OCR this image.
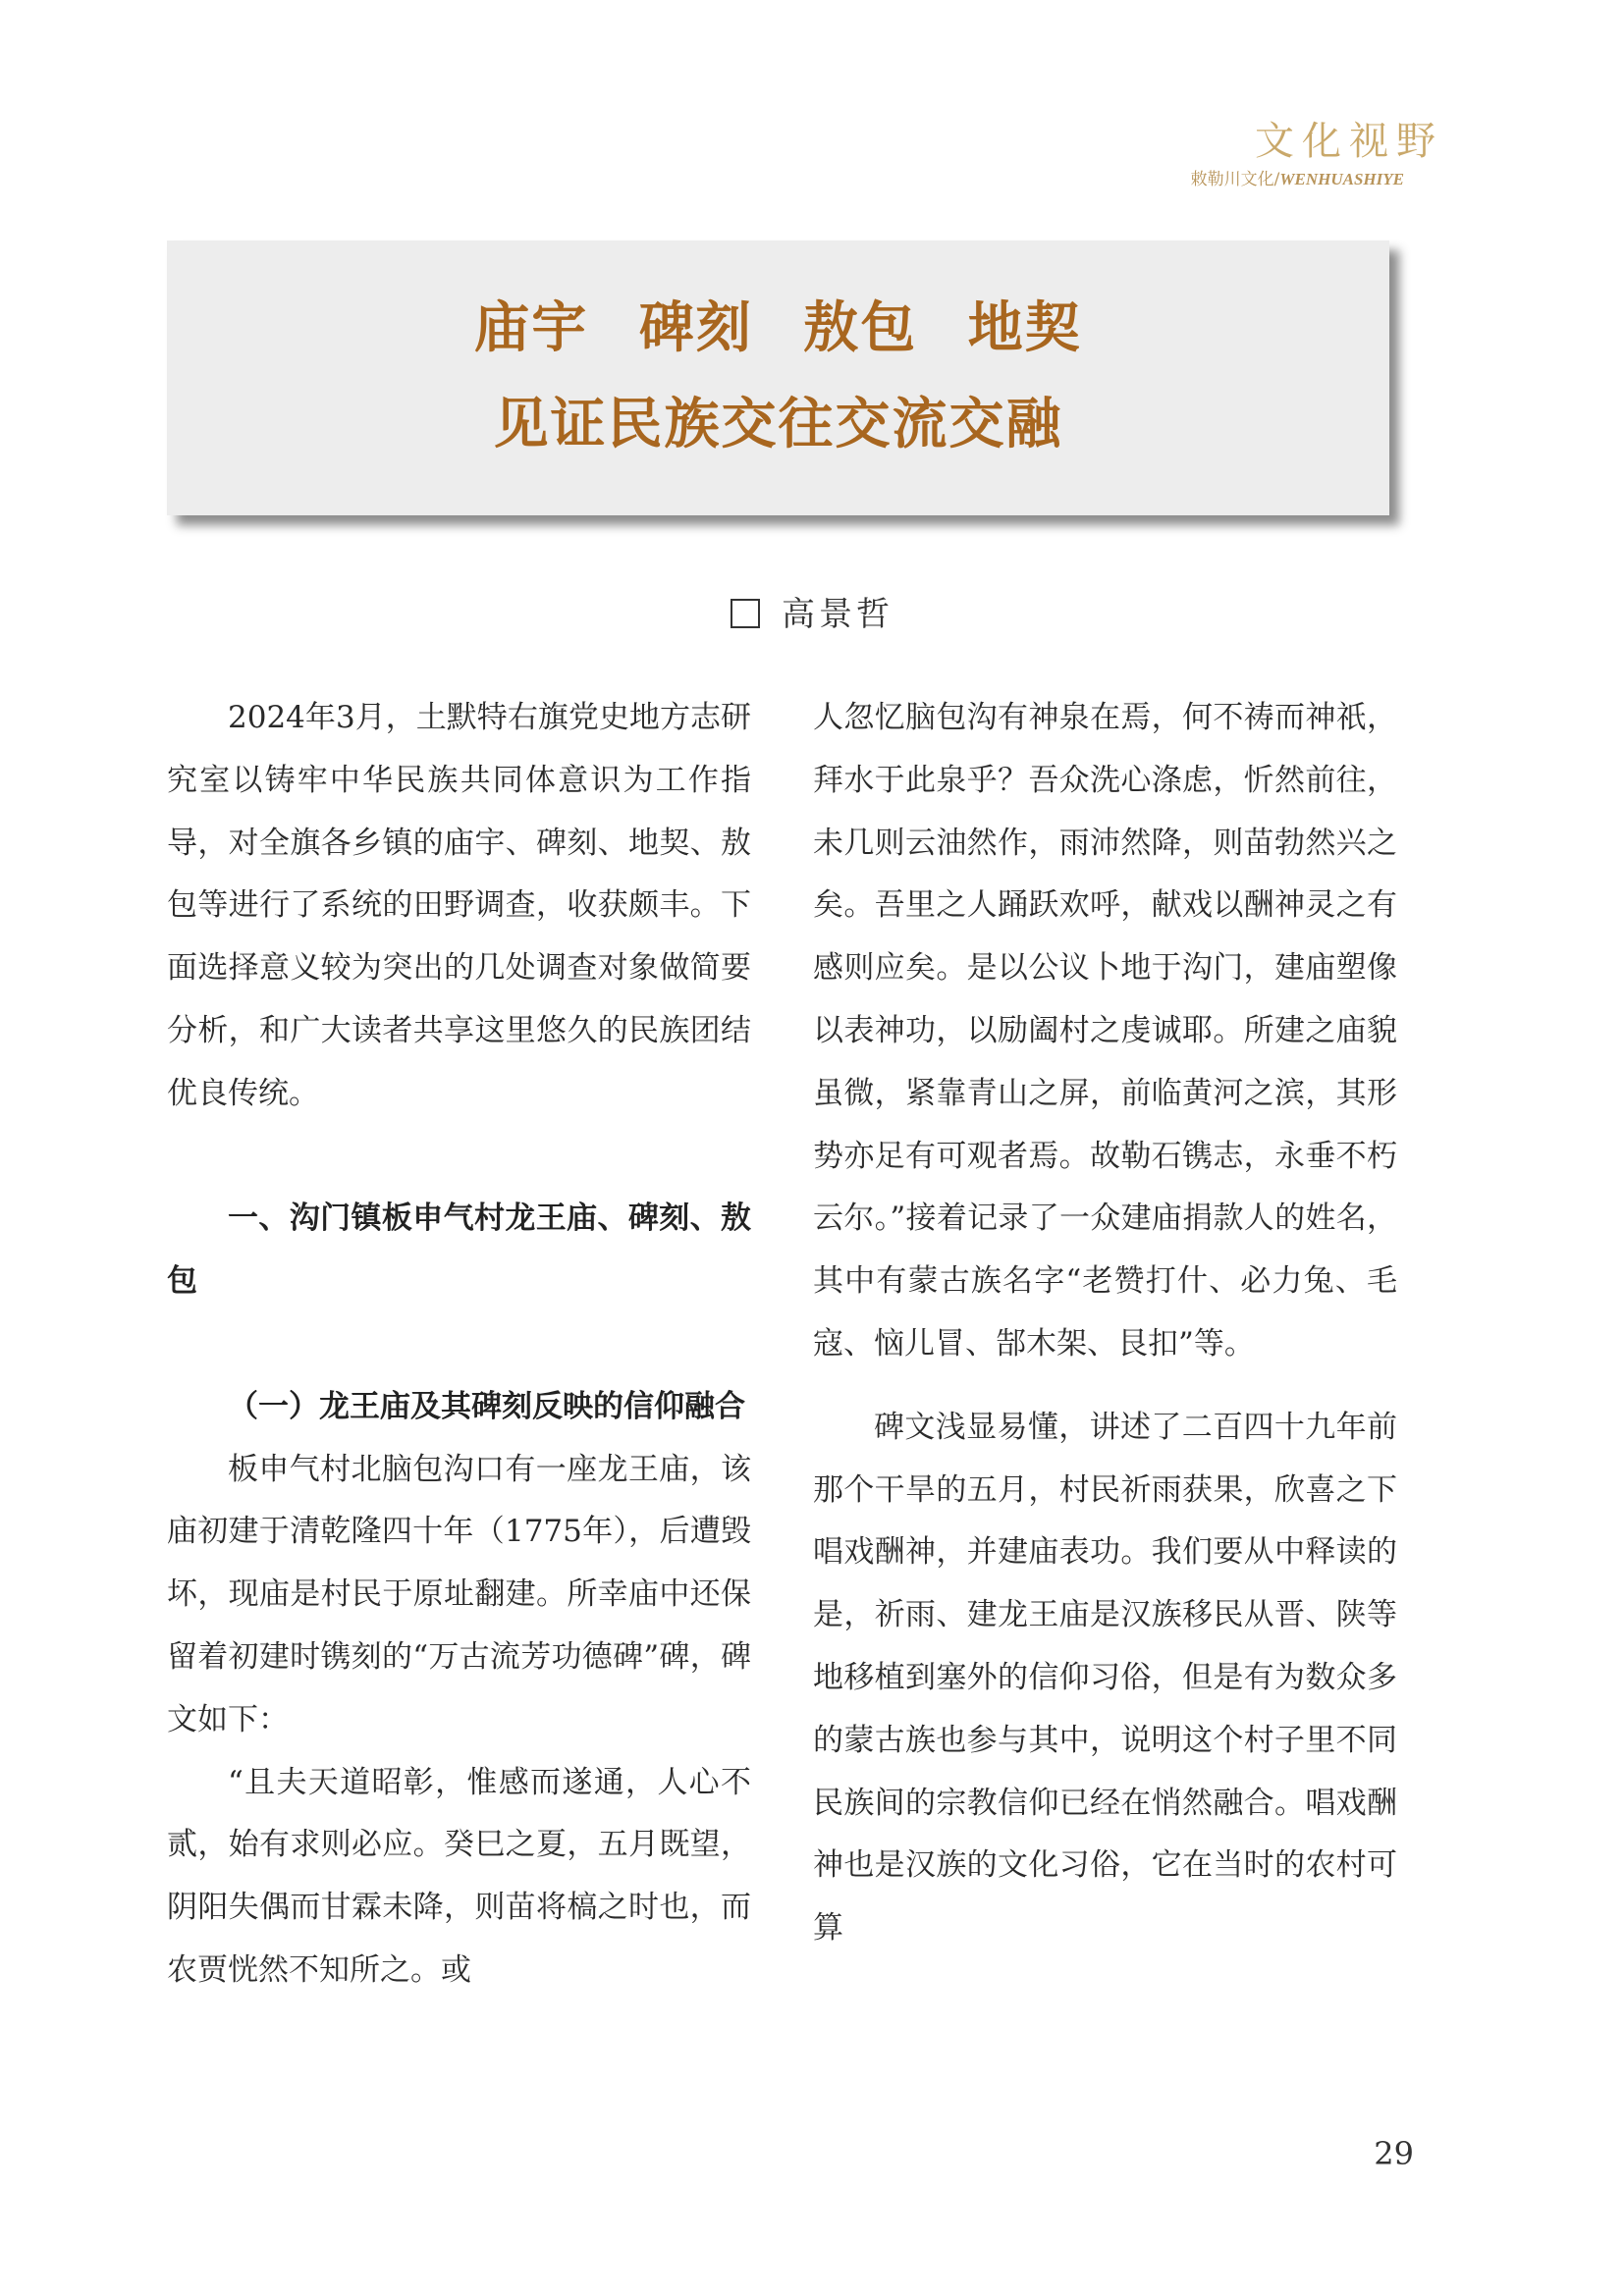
文化视野
敕勒川文化/WENHUASHIYE
庙宇 碑刻 敖包 地契
见证民族交往交流交融
高景哲

2024年3月，土默特右旗党史地方志研究室以铸牢中华民族共同体意识为工作指导，对全旗各乡镇的庙宇、碑刻、地契、敖包等进行了系统的田野调查，收获颇丰。下面选择意义较为突出的几处调查对象做简要分析，和广大读者共享这里悠久的民族团结优良传统。

一、沟门镇板申气村龙王庙、碑刻、敖包
（一）龙王庙及其碑刻反映的信仰融合

板申气村北脑包沟口有一座龙王庙，该庙初建于清乾隆四十年（1775年），后遭毁坏，现庙是村民于原址翻建。所幸庙中还保留着初建时镌刻的“万古流芳功德碑”碑，碑文如下：

“且夫天道昭彰，惟感而遂通，人心不贰，始有求则必应。癸巳之夏，五月既望，阴阳失偶而甘霖未降，则苗将槁之时也，而农贾恍然不知所之。或

人忽忆脑包沟有神泉在焉，何不祷而神祇，拜水于此泉乎？吾众洗心涤虑，忻然前往，未几则云油然作，雨沛然降，则苗勃然兴之矣。吾里之人踊跃欢呼，献戏以酬神灵之有感则应矣。是以公议卜地于沟门，建庙塑像以表神功，以励阖村之虔诚耶。所建之庙貌虽微，紧靠青山之屏，前临黄河之滨，其形势亦足有可观者焉。故勒石镌志，永垂不朽云尔。”接着记录了一众建庙捐款人的姓名，其中有蒙古族名字“老赞打什、必力兔、毛寇、恼儿冒、郜木架、艮扣”等。

碑文浅显易懂，讲述了二百四十九年前那个干旱的五月，村民祈雨获果，欣喜之下唱戏酬神，并建庙表功。我们要从中释读的是，祈雨、建龙王庙是汉族移民从晋、陕等地移植到塞外的信仰习俗，但是有为数众多的蒙古族也参与其中，说明这个村子里不同民族间的宗教信仰已经在悄然融合。唱戏酬神也是汉族的文化习俗，它在当时的农村可算

29
